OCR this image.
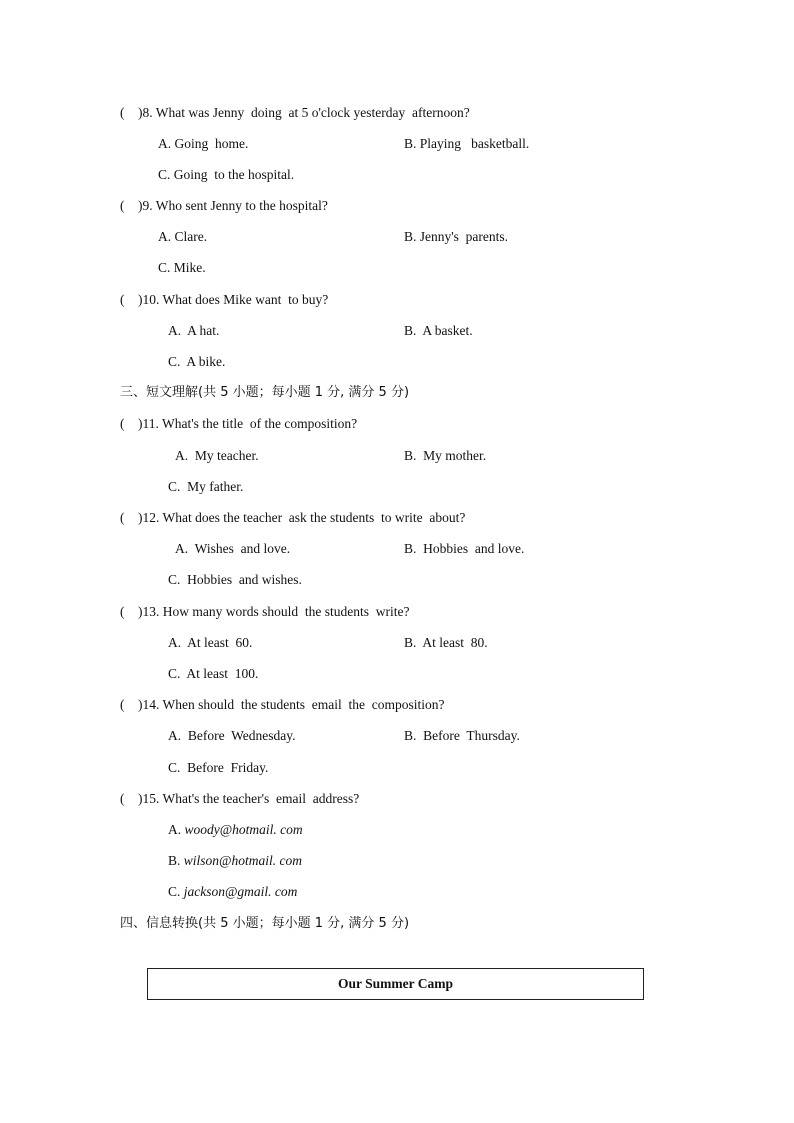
(    )8. What was Jenny  doing  at 5 o'clock yesterday  afternoon?
A. Going  home.	B. Playing   basketball.
C. Going  to the hospital.
(    )9. Who sent Jenny to the hospital?
A. Clare.	B. Jenny's  parents.
C. Mike.
(    )10. What does Mike want  to buy?
A.  A hat.	B.  A basket.
C.  A bike.
三、短文理解(共 5 小题；每小题 1 分, 满分 5 分)
(    )11. What's the title  of the composition?
A.  My teacher.	B.  My mother.
C.  My father.
(    )12. What does the teacher  ask the students  to write  about?
A.  Wishes  and love.	B.  Hobbies  and love.
C.  Hobbies  and wishes.
(    )13. How many words should  the students  write?
A.  At least  60.	B.  At least  80.
C.  At least  100.
(    )14. When should  the students  email  the  composition?
A.  Before  Wednesday.	B.  Before  Thursday.
C.  Before  Friday.
(    )15. What's the teacher's  email  address?
A. woody@hotmail. com
B. wilson@hotmail. com
C. jackson@gmail. com
四、信息转换(共 5 小题；每小题 1 分, 满分 5 分)
Our Summer Camp
